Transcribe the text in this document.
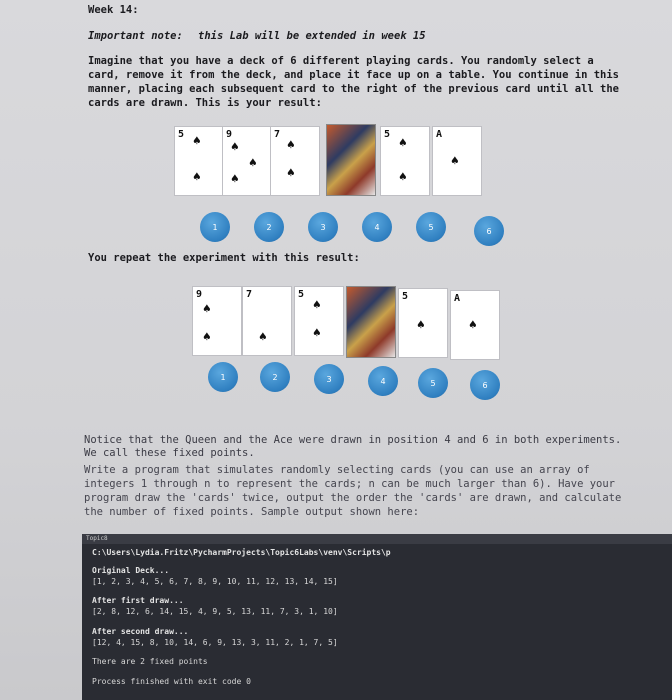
Week 14:
Important note: this Lab will be extended in week 15
Imagine that you have a deck of 6 different playing cards. You randomly select a
card, remove it from the deck, and place it face up on a table. You continue in this
manner, placing each subsequent card to the right of the previous card until all the
cards are drawn. This is your result:
5 ♠
♠
9
♠
♠
♠
7
♠
♠
5
♠
♠
A
♠
1	2	3	4	5	6
You repeat the experiment with this result:
9
♠
♠
7
♠
5
♠
♠
5
♠
A
♠
1	2	3	4	5	6
Notice that the Queen and the Ace were drawn in position 4 and 6 in both experiments.
We call these fixed points.
Write a program that simulates randomly selecting cards (you can use an array of
integers 1 through n to represent the cards; n can be much larger than 6). Have your
program draw the 'cards' twice, output the order the 'cards' are drawn, and calculate
the number of fixed points. Sample output shown here:
Topic8
C:\Users\Lydia.Fritz\PycharmProjects\Topic6Labs\venv\Scripts\p
Original Deck...
[1, 2, 3, 4, 5, 6, 7, 8, 9, 10, 11, 12, 13, 14, 15]
After first draw...
[2, 8, 12, 6, 14, 15, 4, 9, 5, 13, 11, 7, 3, 1, 10]
After second draw...
[12, 4, 15, 8, 10, 14, 6, 9, 13, 3, 11, 2, 1, 7, 5]
There are 2 fixed points
Process finished with exit code 0
